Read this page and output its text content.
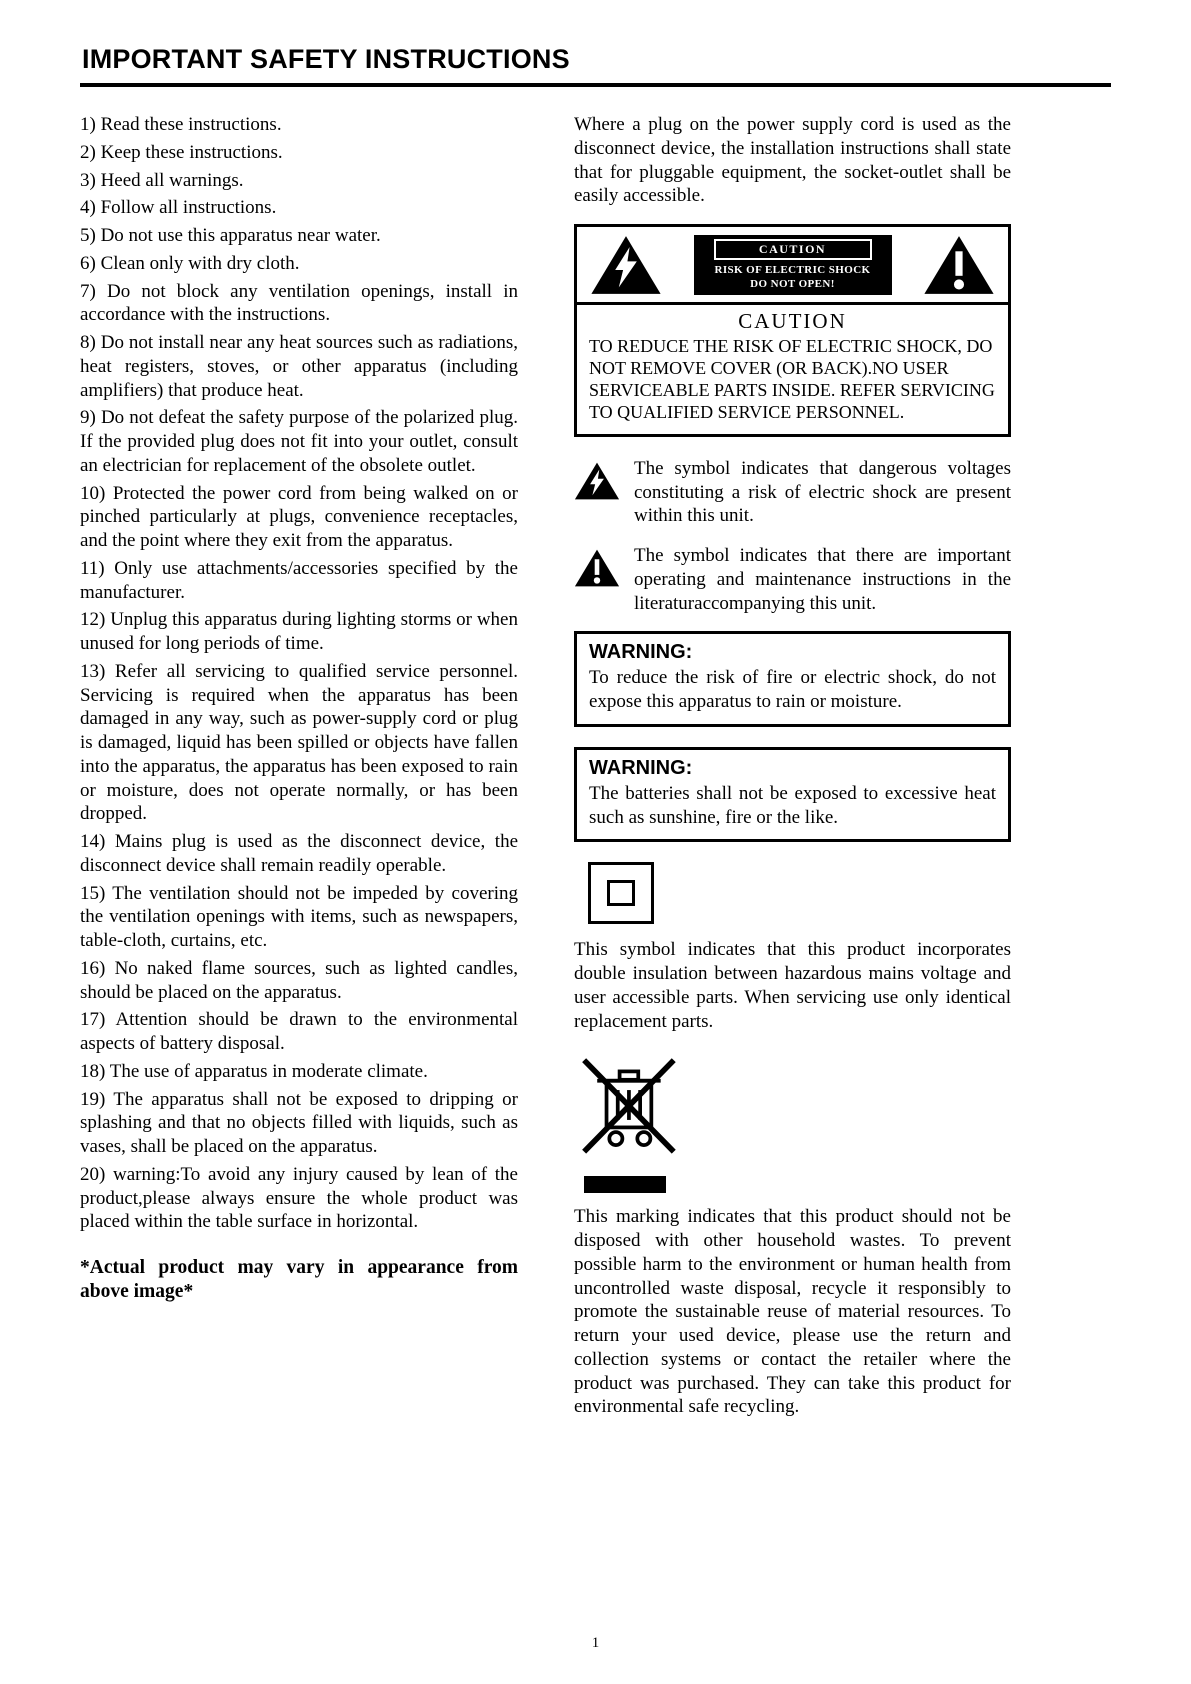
IMPORTANT SAFETY INSTRUCTIONS

1) Read these instructions.

2) Keep these instructions.

3) Heed all warnings.

4) Follow all instructions.

5) Do not use this apparatus near water.

6) Clean only with dry cloth.

7) Do not block any ventilation openings, install in accordance with the instructions.

8) Do not install near any heat sources such as radiations, heat registers, stoves, or other apparatus (including amplifiers) that produce heat.

9) Do not defeat the safety purpose of the polarized plug. If the provided plug does not fit into your outlet, consult an electrician for replacement of the obsolete outlet.

10) Protected the power cord from being walked on or pinched particularly at plugs, convenience receptacles, and the point where they exit from the apparatus.

11) Only use attachments/accessories specified by the manufacturer.

12) Unplug this apparatus during lighting storms or when unused for long periods of time.

13) Refer all servicing to qualified service personnel. Servicing is required when the apparatus has been damaged in any way, such as power-supply cord or plug is damaged, liquid has been spilled or objects have fallen into the apparatus, the apparatus has been exposed to rain or moisture, does not operate normally, or has been dropped.

14) Mains plug is used as the disconnect device, the disconnect device shall remain readily operable.

15) The ventilation should not be impeded by covering the ventilation openings with items, such as newspapers, table-cloth, curtains, etc.

16) No naked flame sources, such as lighted candles, should be placed on the apparatus.

17) Attention should be drawn to the environmental aspects of battery disposal.

18) The use of apparatus in moderate climate.

19) The apparatus shall not be exposed to dripping or splashing and that no objects filled with liquids, such as vases, shall be placed on the apparatus.

20) warning:To avoid any injury caused by lean of the product,please always ensure the whole product was placed within the table surface in horizontal.

*Actual product may vary in appearance from above image*

Where a plug on the power supply cord is used as the disconnect device, the installation instructions shall state that for pluggable equipment, the socket-outlet shall be easily accessible.

CAUTION
RISK OF ELECTRIC SHOCK
DO NOT OPEN!
CAUTION

TO REDUCE THE RISK OF ELECTRIC SHOCK, DO NOT REMOVE COVER (OR BACK).NO USER SERVICEABLE PARTS INSIDE. REFER SERVICING TO QUALIFIED SERVICE PERSONNEL.

The symbol indicates that dangerous voltages constituting a risk of electric shock are present within this unit.

The symbol indicates that there are important operating and maintenance instructions in the literaturaccompanying this unit.

WARNING:

To reduce the risk of fire or electric shock, do not expose this apparatus to rain or moisture.

WARNING:

The batteries shall not be exposed to excessive heat such as sunshine, fire or the like.

This symbol indicates that this product incorporates double insulation between hazardous mains voltage and user accessible parts. When servicing use only identical replacement parts.

This marking indicates that this product should not be disposed with other household wastes. To prevent possible harm to the environment or human health from uncontrolled waste disposal, recycle it responsibly to promote the sustainable reuse of material resources. To return your used device, please use the return and collection systems or contact the retailer where the product was purchased. They can take this product for environmental safe recycling.

1
